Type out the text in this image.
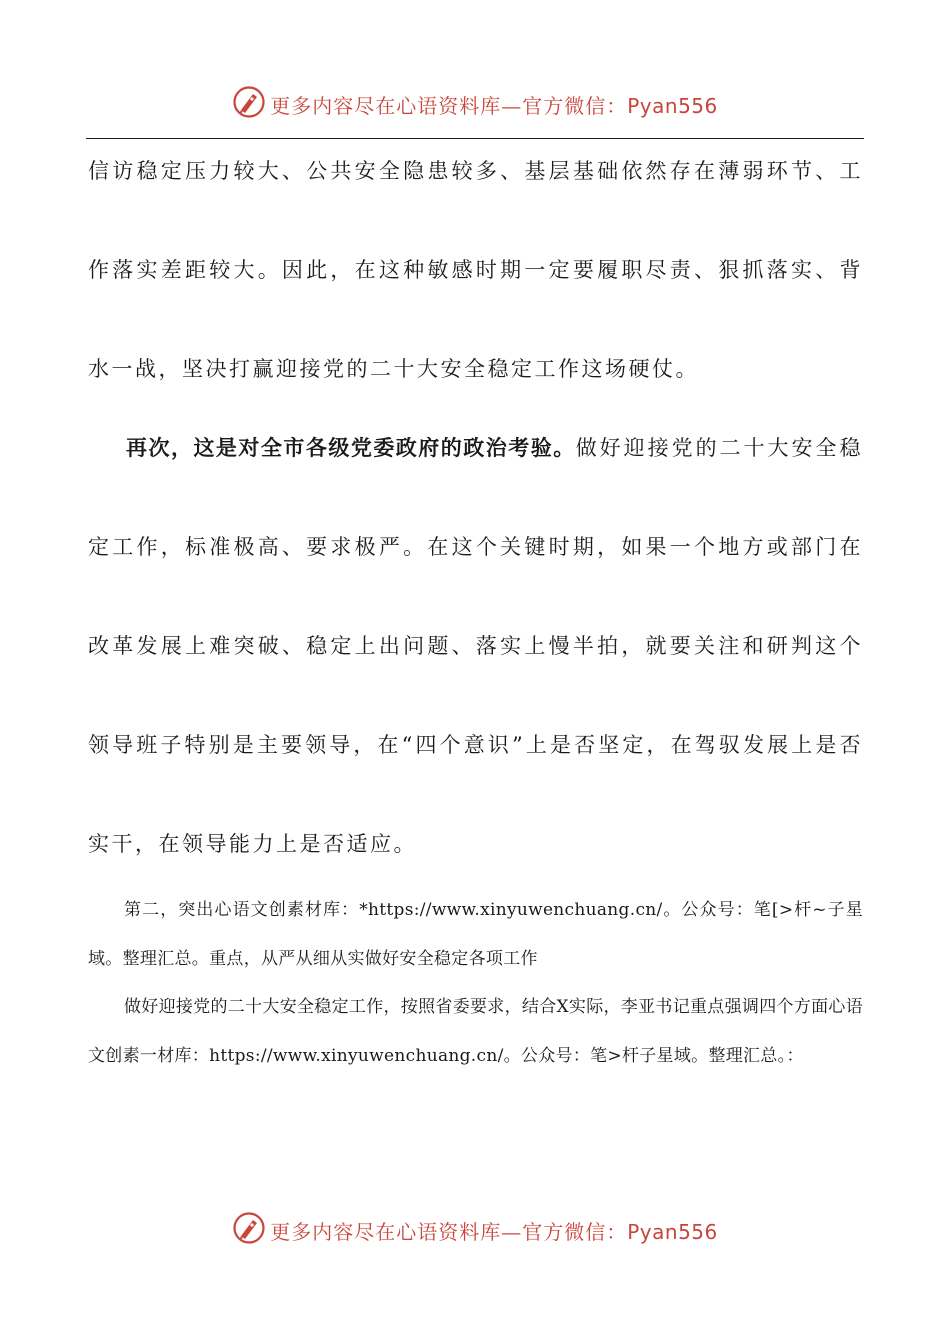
更多内容尽在心语资料库—官方微信：Pyan556

信访稳定压力较大、公共安全隐患较多、基层基础依然存在薄弱环节、工作落实差距较大。因此，在这种敏感时期一定要履职尽责、狠抓落实、背水一战，坚决打赢迎接党的二十大安全稳定工作这场硬仗。

再次，这是对全市各级党委政府的政治考验。做好迎接党的二十大安全稳定工作，标准极高、要求极严。在这个关键时期，如果一个地方或部门在改革发展上难突破、稳定上出问题、落实上慢半拍，就要关注和研判这个领导班子特别是主要领导，在“四个意识”上是否坚定，在驾驭发展上是否实干，在领导能力上是否适应。

第二，突出心语文创素材库：*https://www.xinyuwenchuang.cn/。公众号：笔[>杆~子星域。整理汇总。重点，从严从细从实做好安全稳定各项工作

做好迎接党的二十大安全稳定工作，按照省委要求，结合X实际，李亚书记重点强调四个方面心语文创素一材库：https://www.xinyuwenchuang.cn/。公众号：笔>杆子星域。整理汇总。：

更多内容尽在心语资料库—官方微信：Pyan556
